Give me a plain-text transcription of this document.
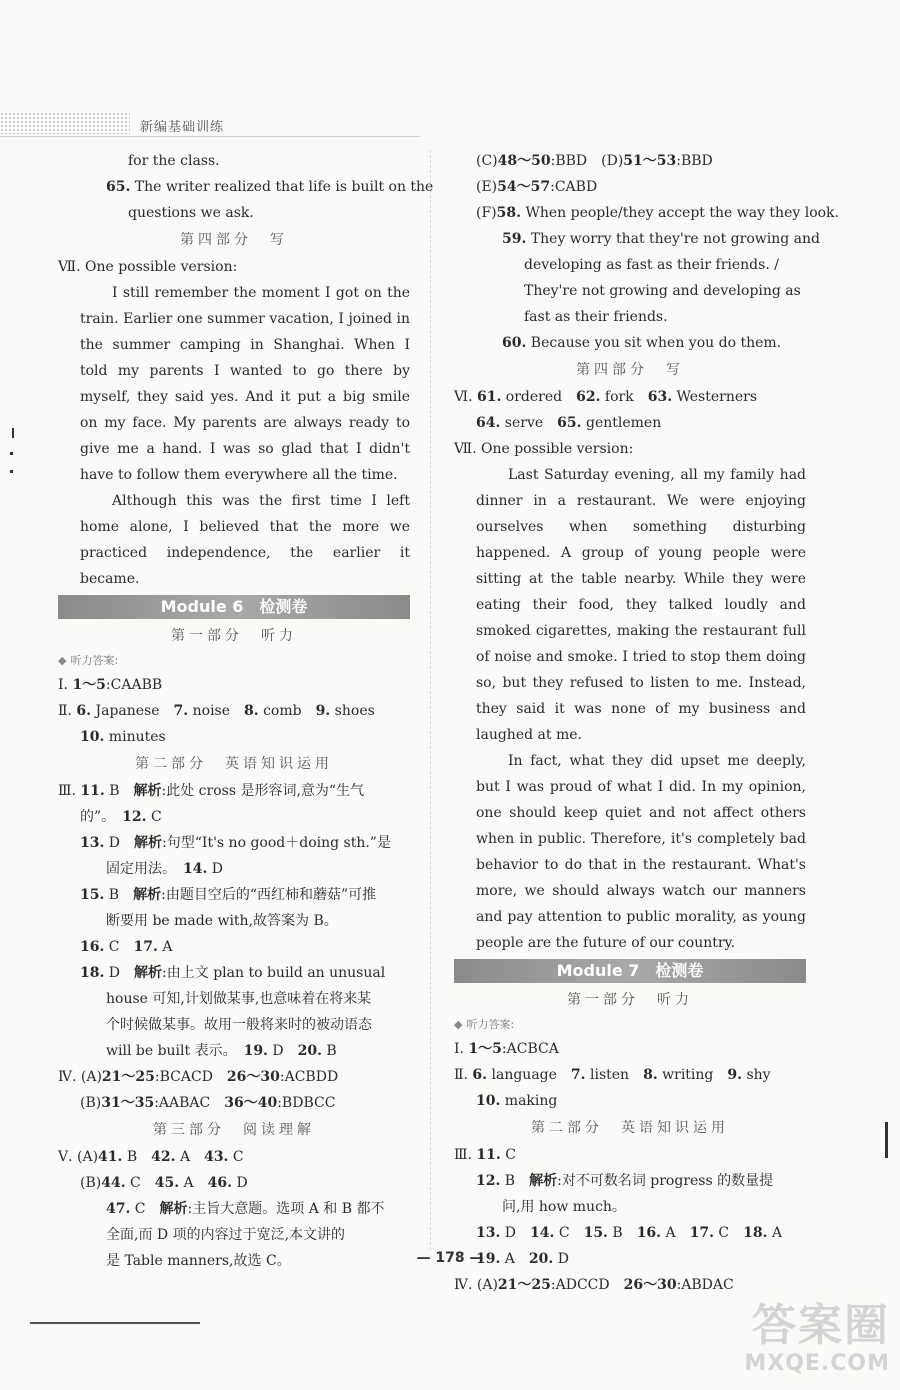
新编基础训练
for the class.
65. The writer realized that life is built on the
questions we ask.
第四部分　写
Ⅶ. One possible version:

I still remember the moment I got on the train. Earlier one summer vacation, I joined in the summer camping in Shanghai. When I told my parents I wanted to go there by myself, they said yes. And it put a big smile on my face. My parents are always ready to give me a hand. I was so glad that I didn't have to follow them everywhere all the time.

Although this was the first time I left home alone, I believed that the more we practiced independence, the earlier it became.

Module 6　检测卷
第一部分　听力
◆ 听力答案:
Ⅰ. 1～5:CAABB
Ⅱ. 6. Japanese　 7. noise　 8. comb　 9. shoes
10. minutes
第二部分　英语知识运用
Ⅲ. 11. B　解析:此处 cross 是形容词,意为“生气
的”。　12. C
13. D　解析:句型“It's no good＋doing sth.”是
固定用法。　14. D
15. B　解析:由题目空后的“西红柿和蘑菇”可推
断要用 be made with,故答案为 B。
16. C　17. A
18. D　解析:由上文 plan to build an unusual
house 可知,计划做某事,也意味着在将来某
个时候做某事。故用一般将来时的被动语态
will be built 表示。　19. D　20. B
Ⅳ. (A)21～25:BCACD　26～30:ACBDD
(B)31～35:AABAC　36～40:BDBCC
第三部分　阅读理解
Ⅴ. (A)41. B　42. A　43. C
(B)44. C　45. A　46. D
47. C　解析:主旨大意题。选项 A 和 B 都不
全面,而 D 项的内容过于宽泛,本文讲的
是 Table manners,故选 C。
(C)48～50:BBD　(D)51～53:BBD
(E)54～57:CABD
(F)58. When people/they accept the way they look.
59. They worry that they're not growing and
developing as fast as their friends. /
They're not growing and developing as
fast as their friends.
60. Because you sit when you do them.
第四部分　写
Ⅵ. 61. ordered　62. fork　63. Westerners
64. serve　65. gentlemen
Ⅶ. One possible version:

Last Saturday evening, all my family had dinner in a restaurant. We were enjoying ourselves when something disturbing happened. A group of young people were sitting at the table nearby. While they were eating their food, they talked loudly and smoked cigarettes, making the restaurant full of noise and smoke. I tried to stop them doing so, but they refused to listen to me. Instead, they said it was none of my business and laughed at me.

In fact, what they did upset me deeply, but I was proud of what I did. In my opinion, one should keep quiet and not affect others when in public. Therefore, it's completely bad behavior to do that in the restaurant. What's more, we should always watch our manners and pay attention to public morality, as young people are the future of our country.

Module 7　检测卷
第一部分　听力
◆ 听力答案:
Ⅰ. 1～5:ACBCA
Ⅱ. 6. language　7. listen　8. writing　9. shy
10. making
第二部分　英语知识运用
Ⅲ. 11. C
12. B　解析:对不可数名词 progress 的数量提
问,用 how much。
13. D　14. C　15. B　16. A　17. C　18. A
19. A　20. D
Ⅳ. (A)21～25:ADCCD　26～30:ABDAC
— 178 —
答案圈
MXQE.COM
